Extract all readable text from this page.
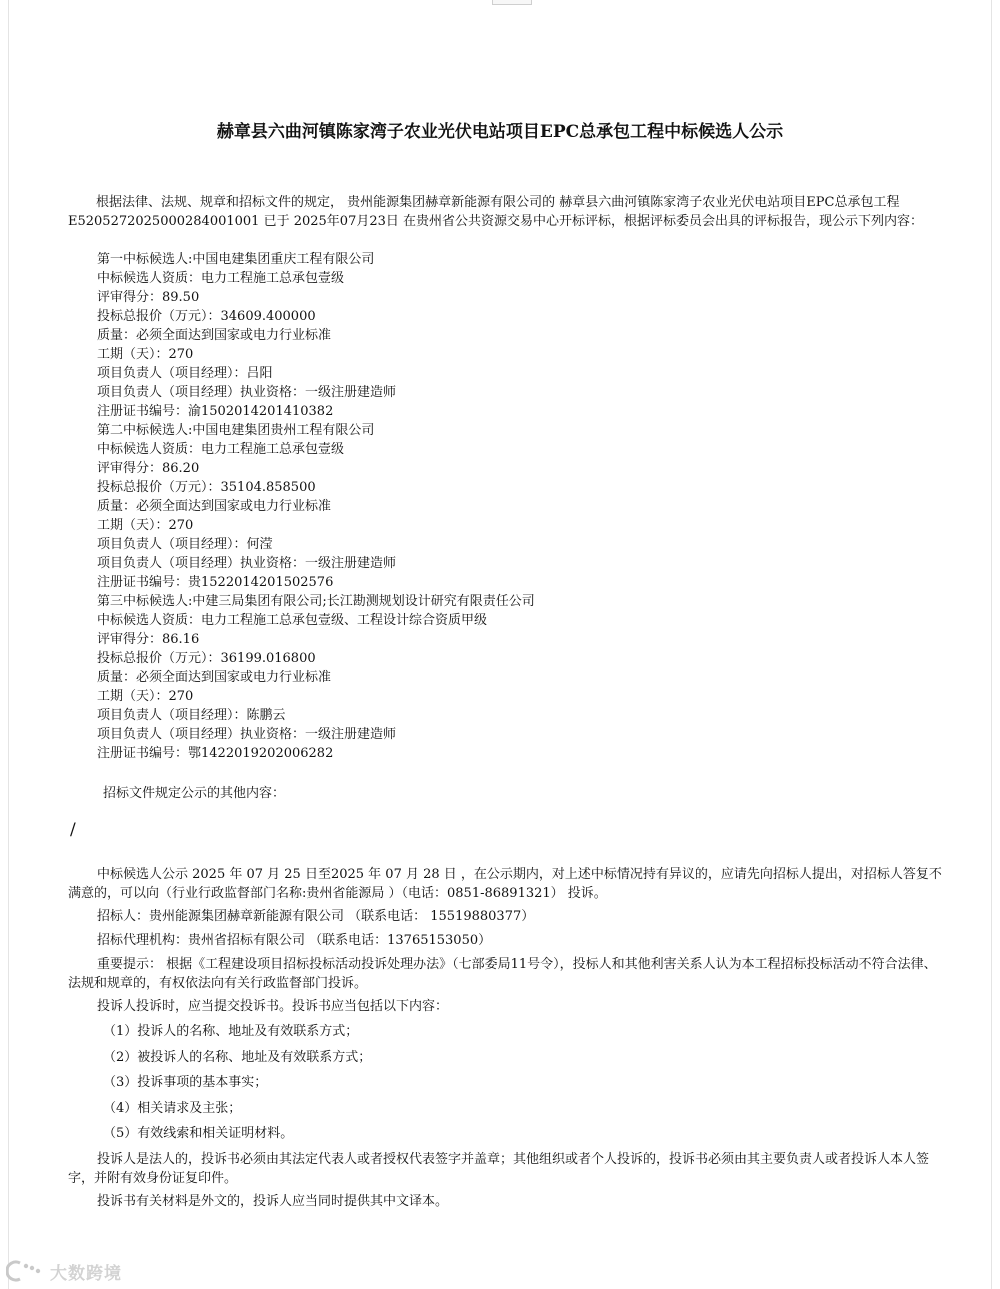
赫章县六曲河镇陈家湾子农业光伏电站项目EPC总承包工程中标候选人公示
根据法律、法规、规章和招标文件的规定， 贵州能源集团赫章新能源有限公司的 赫章县六曲河镇陈家湾子农业光伏电站项目EPC总承包工程 E5205272025000284001001 已于 2025年07月23日 在贵州省公共资源交易中心开标评标，根据评标委员会出具的评标报告，现公示下列内容：
第一中标候选人:中国电建集团重庆工程有限公司
中标候选人资质：电力工程施工总承包壹级
评审得分：89.50
投标总报价（万元）：34609.400000
质量：必须全面达到国家或电力行业标准
工期（天）：270
项目负责人（项目经理）：吕阳
项目负责人（项目经理）执业资格：一级注册建造师
注册证书编号：渝1502014201410382
第二中标候选人:中国电建集团贵州工程有限公司
中标候选人资质：电力工程施工总承包壹级
评审得分：86.20
投标总报价（万元）：35104.858500
质量：必须全面达到国家或电力行业标准
工期（天）：270
项目负责人（项目经理）：何滢
项目负责人（项目经理）执业资格：一级注册建造师
注册证书编号：贵1522014201502576
第三中标候选人:中建三局集团有限公司;长江勘测规划设计研究有限责任公司
中标候选人资质：电力工程施工总承包壹级、工程设计综合资质甲级
评审得分：86.16
投标总报价（万元）：36199.016800
质量：必须全面达到国家或电力行业标准
工期（天）：270
项目负责人（项目经理）：陈鹏云
项目负责人（项目经理）执业资格：一级注册建造师
注册证书编号：鄂1422019202006282
招标文件规定公示的其他内容：
/
中标候选人公示 2025 年 07 月 25 日至2025 年 07 月 28 日 ，在公示期内，对上述中标情况持有异议的，应请先向招标人提出，对招标人答复不满意的，可以向（行业行政监督部门名称:贵州省能源局 ）（电话：0851-86891321） 投诉。
招标人：贵州能源集团赫章新能源有限公司 （联系电话： 15519880377）
招标代理机构：贵州省招标有限公司 （联系电话：13765153050）
重要提示： 根据《工程建设项目招标投标活动投诉处理办法》（七部委局11号令），投标人和其他利害关系人认为本工程招标投标活动不符合法律、法规和规章的，有权依法向有关行政监督部门投诉。
投诉人投诉时，应当提交投诉书。投诉书应当包括以下内容：
（1）投诉人的名称、地址及有效联系方式；
（2）被投诉人的名称、地址及有效联系方式；
（3）投诉事项的基本事实；
（4）相关请求及主张；
（5）有效线索和相关证明材料。
投诉人是法人的，投诉书必须由其法定代表人或者授权代表签字并盖章；其他组织或者个人投诉的，投诉书必须由其主要负责人或者投诉人本人签字，并附有效身份证复印件。
投诉书有关材料是外文的，投诉人应当同时提供其中文译本。
大数跨境
